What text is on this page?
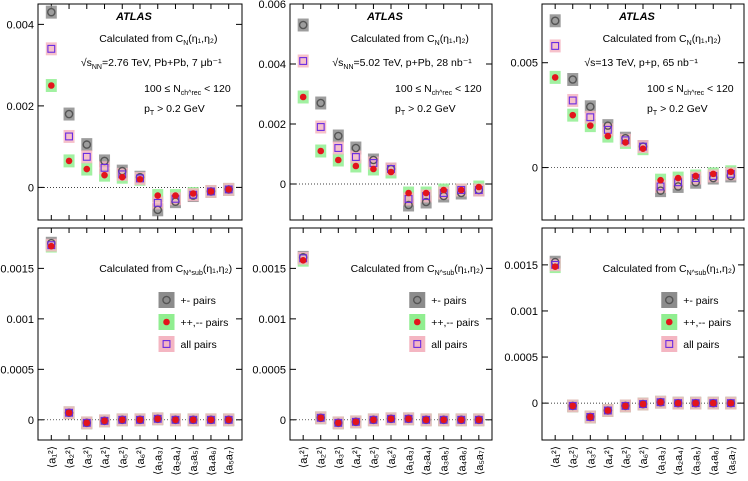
0
0.002
0.004
ATLAS
Calculated from $C_N(\eta_1,\eta_2)$
$√s_{NN}=2.76$ TeV, Pb+Pb, 7 μb⁻¹
$100 \le N_{ch\^{}rec} < 120$
$p_T > 0.2$ GeV
0
0.002
0.004
0.006
ATLAS
Calculated from $C_N(\eta_1,\eta_2)$
$√s_{NN}=5.02$ TeV, p+Pb, 28 nb⁻¹
$100 \le N_{ch\^{}rec} < 120$
$p_T > 0.2$ GeV
0
0.005
ATLAS
Calculated from $C_N(\eta_1,\eta_2)$
√s=13 TeV, p+p, 65 nb⁻¹
$100 \le N_{ch\^{}rec} < 120$
$p_T > 0.2$ GeV
0
0.0005
0.001
0.0015	Calculated from $C_{N\^{}sub}(\eta_1,\eta_2)$
0
0.0005
0.001
0.0015	Calculated from $C_{N\^{}sub}(\eta_1,\eta_2)$
0
0.0005
0.001
0.0015	Calculated from $C_{N\^{}sub}(\eta_1,\eta_2)$
+- pairs
++,-- pairs
all pairs
+- pairs
++,-- pairs
all pairs
+- pairs
++,-- pairs
all pairs
⟨a₁²⟩ ⟨a₂²⟩ ⟨a₃²⟩ ⟨a₄²⟩ ⟨a₅²⟩ ⟨a₆²⟩ ⟨a₁a₃⟩ ⟨a₂a₄⟩ ⟨a₃a₅⟩ ⟨a₄a₆⟩ ⟨a₅a₇⟩	⟨a₁²⟩ ⟨a₂²⟩ ⟨a₃²⟩ ⟨a₄²⟩ ⟨a₅²⟩ ⟨a₆²⟩ ⟨a₁a₃⟩ ⟨a₂a₄⟩ ⟨a₃a₅⟩ ⟨a₄a₆⟩ ⟨a₅a₇⟩	⟨a₁²⟩ ⟨a₂²⟩ ⟨a₃²⟩ ⟨a₄²⟩ ⟨a₅²⟩ ⟨a₆²⟩ ⟨a₁a₃⟩ ⟨a₂a₄⟩ ⟨a₃a₅⟩ ⟨a₄a₆⟩ ⟨a₅a₇⟩
